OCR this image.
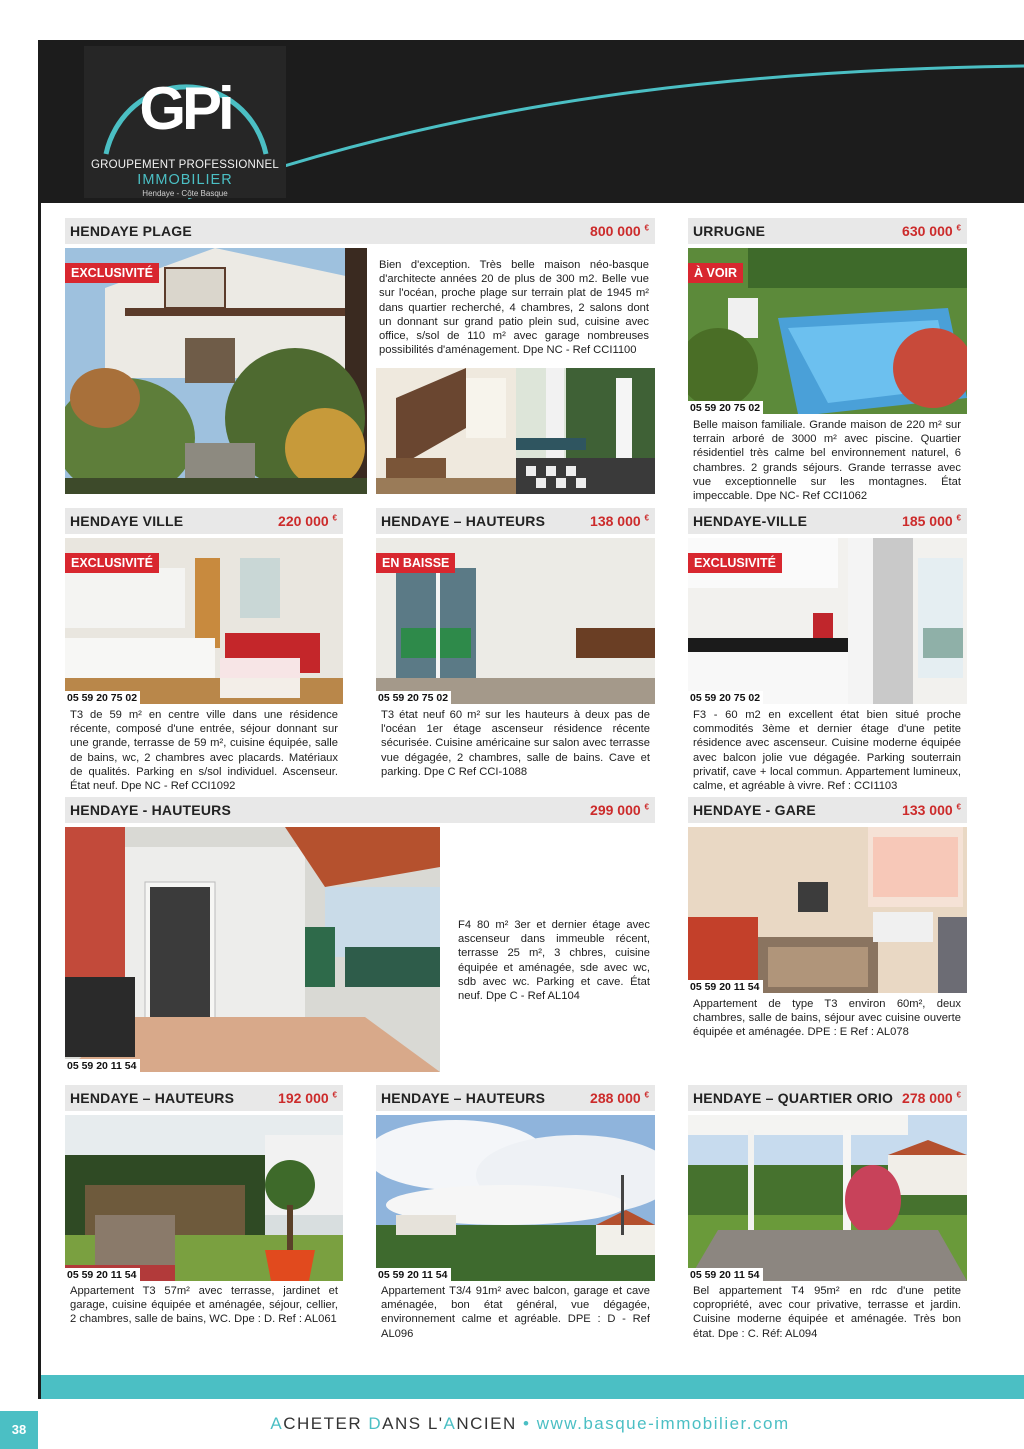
GPi
GROUPEMENT PROFESSIONNEL
IMMOBILIER
Hendaye - Côte Basque
HENDAYE PLAGE	800 000 €
EXCLUSIVITÉ

Bien d'exception. Très belle maison néo-basque d'architecte années 20 de plus de 300 m2. Belle vue sur l'océan, proche plage sur terrain plat de 1945 m² dans quartier recherché, 4 chambres, 2 salons dont un donnant sur grand patio plein sud, cuisine avec office, s/sol de 110 m² avec garage nombreuses possibilités d'aménagement. Dpe NC - Ref CCI1100

URRUGNE	630 000 €
À VOIR
05 59 20 75 02

Belle maison familiale. Grande maison de 220 m² sur terrain arboré de 3000 m² avec piscine. Quartier résidentiel très calme bel environnement naturel, 6 chambres. 2 grands séjours. Grande terrasse avec vue exceptionnelle sur les montagnes. État impeccable. Dpe NC- Ref CCI1062

HENDAYE VILLE	220 000 €
EXCLUSIVITÉ
05 59 20 75 02

T3 de 59 m² en centre ville dans une résidence récente, composé d'une entrée, séjour donnant sur une grande, terrasse de 59 m², cuisine équipée, salle de bains, wc, 2 chambres avec placards. Matériaux de qualités. Parking en s/sol individuel. Ascenseur. État neuf. Dpe NC - Ref CCI1092

HENDAYE – HAUTEURS	138 000 €
EN BAISSE
05 59 20 75 02

T3 état neuf 60 m² sur les hauteurs à deux pas de l'océan 1er étage ascenseur résidence récente sécurisée. Cuisine américaine sur salon avec terrasse vue dégagée, 2 chambres, salle de bains. Cave et parking. Dpe C Ref CCI-1088

HENDAYE-VILLE	185 000 €
EXCLUSIVITÉ
05 59 20 75 02

F3 - 60 m2 en excellent état bien situé proche commodités 3ème et dernier étage d'une petite résidence avec ascenseur. Cuisine moderne équipée avec balcon jolie vue dégagée. Parking souterrain privatif, cave + local commun. Appartement lumineux, calme, et agréable à vivre. Ref : CCI1103

HENDAYE - HAUTEURS	299 000 €
05 59 20 11 54

F4 80 m² 3er et dernier étage avec ascenseur dans immeuble récent, terrasse 25 m², 3 chbres, cuisine équipée et aménagée, sde avec wc, sdb avec wc. Parking et cave. État neuf. Dpe C - Ref AL104

HENDAYE - GARE	133 000 €
05 59 20 11 54

Appartement de type T3 environ 60m², deux chambres, salle de bains, séjour avec cuisine ouverte équipée et aménagée. DPE : E Ref : AL078

HENDAYE – HAUTEURS	192 000 €
05 59 20 11 54

Appartement T3 57m² avec terrasse, jardinet et garage, cuisine équipée et aménagée, séjour, cellier, 2 chambres, salle de bains, WC. Dpe : D. Ref : AL061

HENDAYE – HAUTEURS	288 000 €
05 59 20 11 54

Appartement T3/4 91m² avec balcon, garage et cave aménagée, bon état général, vue dégagée, environnement calme et agréable. DPE : D - Ref AL096

HENDAYE – QUARTIER ORIO 278 000 €
05 59 20 11 54

Bel appartement T4 95m² en rdc d'une petite copropriété, avec cour privative, terrasse et jardin. Cuisine moderne équipée et aménagée. Très bon état. Dpe : C. Réf: AL094

38	ACHETER DANS L'ANCIEN • www.basque-immobilier.com
